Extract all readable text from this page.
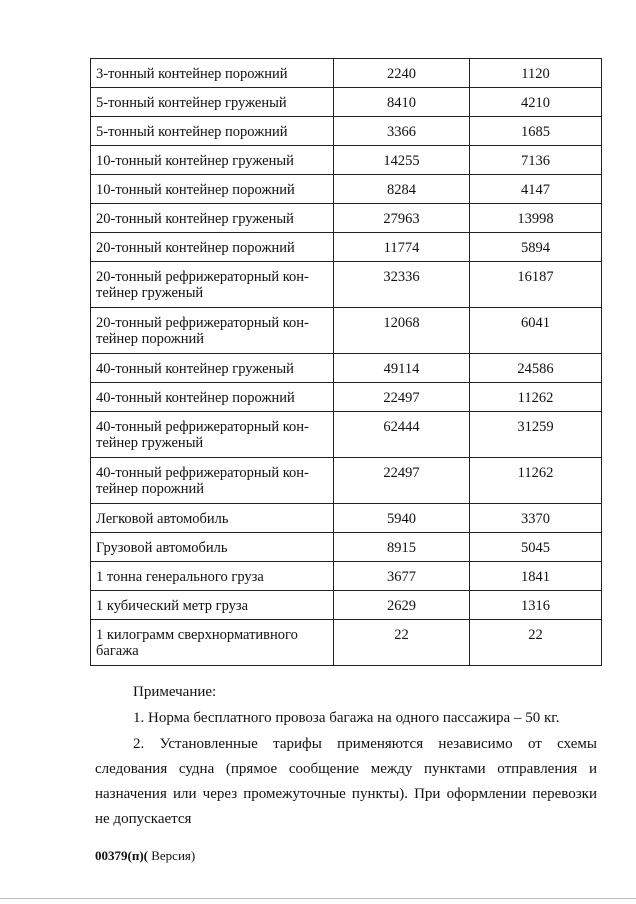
3-тонный контейнер порожний	2240	1120
5-тонный контейнер груженый	8410	4210
5-тонный контейнер порожний	3366	1685
10-тонный контейнер груженый	14255	7136
10-тонный контейнер порожний	8284	4147
20-тонный контейнер груженый	27963	13998
20-тонный контейнер порожний	11774	5894
20-тонный рефрижераторный кон-тейнер груженый	32336	16187
20-тонный рефрижераторный кон-тейнер порожний	12068	6041
40-тонный контейнер груженый	49114	24586
40-тонный контейнер порожний	22497	11262
40-тонный рефрижераторный кон-тейнер груженый	62444	31259
40-тонный рефрижераторный кон-тейнер порожний	22497	11262
Легковой автомобиль	5940	3370
Грузовой автомобиль	8915	5045
1 тонна генерального груза	3677	1841
1 кубический метр груза	2629	1316
1 килограмм сверхнормативного багажа	22	22
Примечание:
1. Норма бесплатного провоза багажа на одного пассажира – 50 кг.
2. Установленные тарифы применяются независимо от схемы следования судна (прямое сообщение между пунктами отправления и назначения или через промежуточные пункты). При оформлении перевозки не допускается
00379(п)( Версия)
